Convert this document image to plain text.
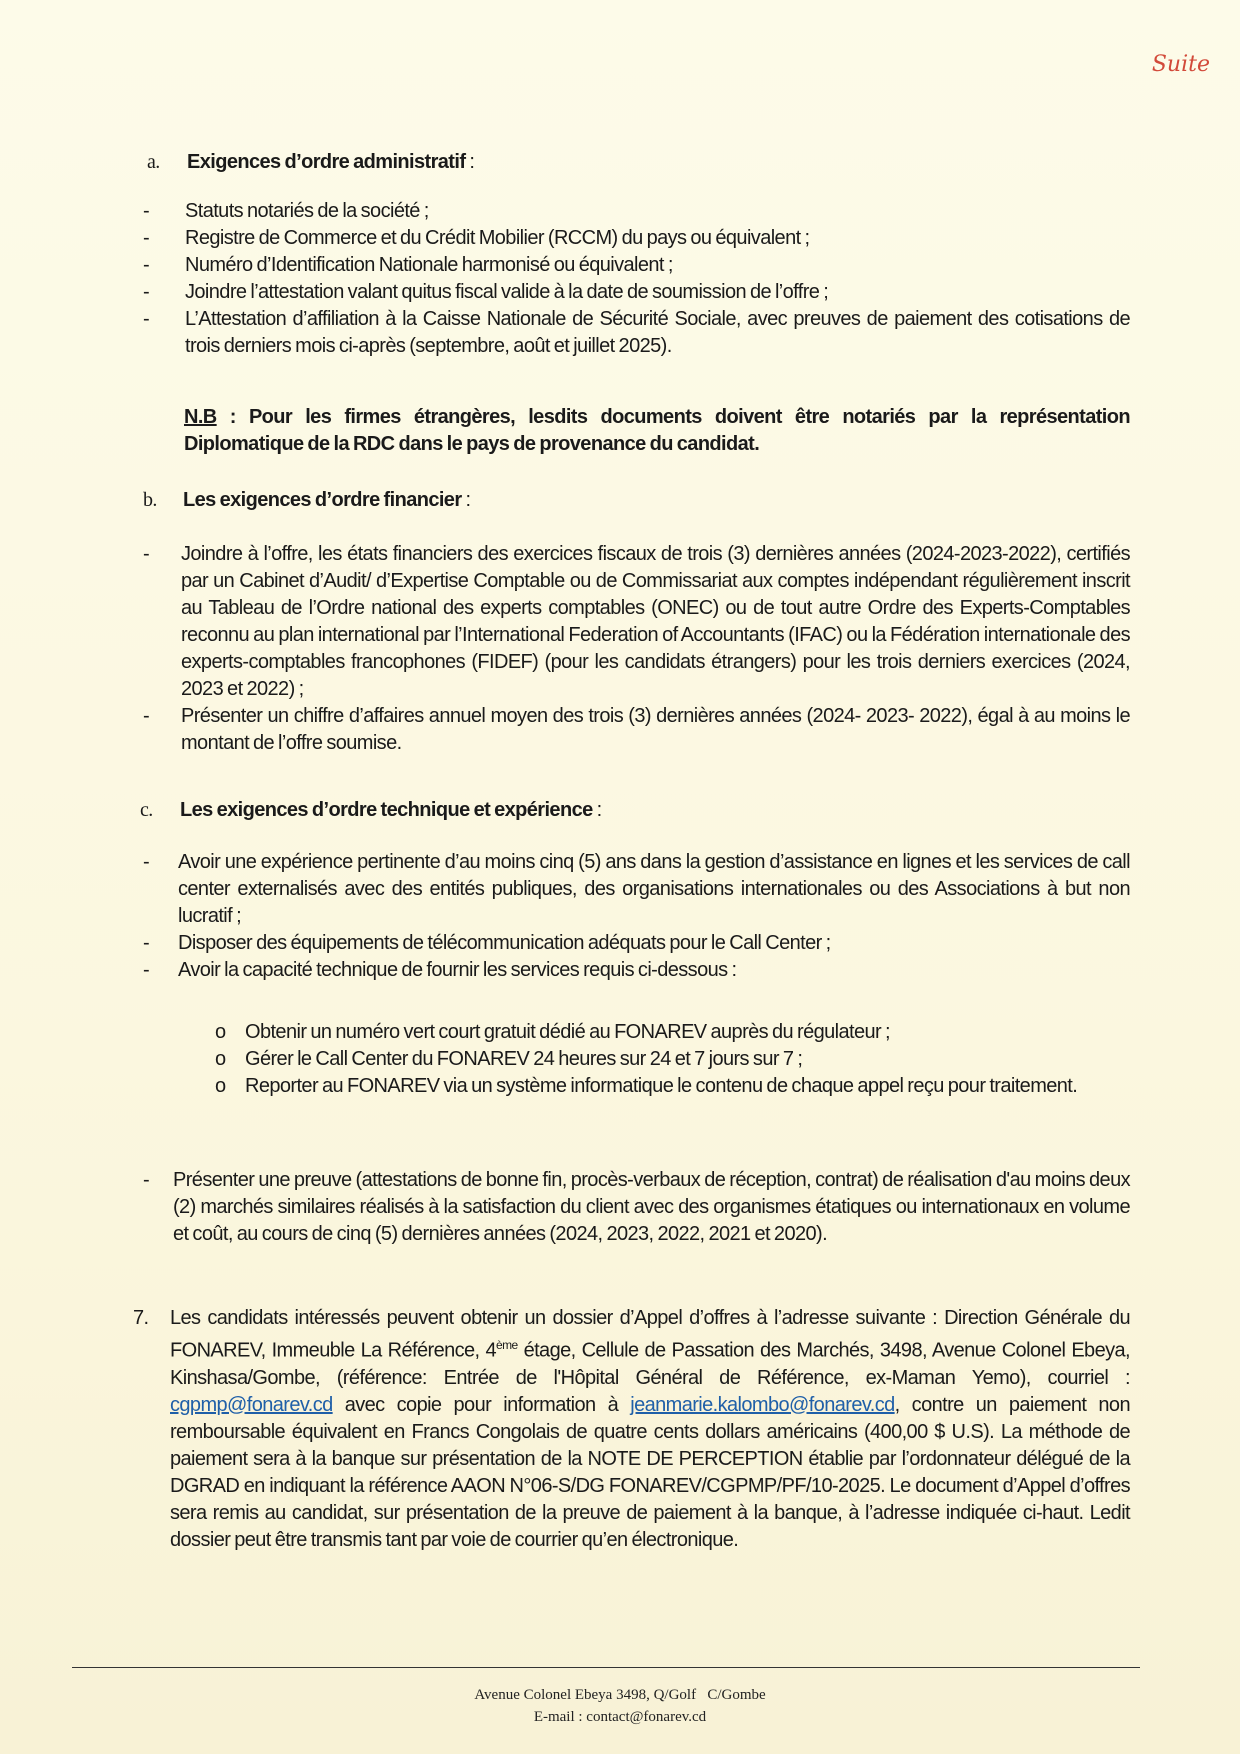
Suite
a. Exigences d’ordre administratif :
- Statuts notariés de la société ;
- Registre de Commerce et du Crédit Mobilier (RCCM) du pays ou équivalent ;
- Numéro d’Identification Nationale harmonisé ou équivalent ;
- Joindre l’attestation valant quitus fiscal valide à la date de soumission de l’offre ;
- L’Attestation d’affiliation à la Caisse Nationale de Sécurité Sociale, avec preuves de paiement des cotisations de trois derniers mois ci-après (septembre, août et juillet 2025).
N.B : Pour les firmes étrangères, lesdits documents doivent être notariés par la représentation Diplomatique de la RDC dans le pays de provenance du candidat.
b. Les exigences d’ordre financier :
- Joindre à l’offre, les états financiers des exercices fiscaux de trois (3) dernières années (2024-2023-2022), certifiés par un Cabinet d’Audit/ d’Expertise Comptable ou de Commissariat aux comptes indépendant régulièrement inscrit au Tableau de l’Ordre national des experts comptables (ONEC) ou de tout autre Ordre des Experts-Comptables reconnu au plan international par l’International Federation of Accountants (IFAC) ou la Fédération internationale des experts-comptables francophones (FIDEF) (pour les candidats étrangers) pour les trois derniers exercices (2024, 2023 et 2022) ;
- Présenter un chiffre d’affaires annuel moyen des trois (3) dernières années (2024- 2023- 2022), égal à au moins le montant de l’offre soumise.
c. Les exigences d’ordre technique et expérience :
- Avoir une expérience pertinente d’au moins cinq (5) ans dans la gestion d’assistance en lignes et les services de call center externalisés avec des entités publiques, des organisations internationales ou des Associations à but non lucratif ;
- Disposer des équipements de télécommunication adéquats pour le Call Center ;
- Avoir la capacité technique de fournir les services requis ci-dessous :
o Obtenir un numéro vert court gratuit dédié au FONAREV auprès du régulateur ;
o Gérer le Call Center du FONAREV 24 heures sur 24 et 7 jours sur 7 ;
o Reporter au FONAREV via un système informatique le contenu de chaque appel reçu pour traitement.
- Présenter une preuve (attestations de bonne fin, procès-verbaux de réception, contrat) de réalisation d'au moins deux (2) marchés similaires réalisés à la satisfaction du client avec des organismes étatiques ou internationaux en volume et coût, au cours de cinq (5) dernières années (2024, 2023, 2022, 2021 et 2020).
7. Les candidats intéressés peuvent obtenir un dossier d’Appel d’offres à l’adresse suivante : Direction Générale du FONAREV, Immeuble La Référence, 4ème étage, Cellule de Passation des Marchés, 3498, Avenue Colonel Ebeya, Kinshasa/Gombe, (référence: Entrée de l'Hôpital Général de Référence, ex-Maman Yemo), courriel : cgpmp@fonarev.cd avec copie pour information à jeanmarie.kalombo@fonarev.cd, contre un paiement non remboursable équivalent en Francs Congolais de quatre cents dollars américains (400,00 $ U.S). La méthode de paiement sera à la banque sur présentation de la NOTE DE PERCEPTION établie par l’ordonnateur délégué de la DGRAD en indiquant la référence AAON N°06-S/DG FONAREV/CGPMP/PF/10-2025. Le document d’Appel d’offres sera remis au candidat, sur présentation de la preuve de paiement à la banque, à l’adresse indiquée ci-haut. Ledit dossier peut être transmis tant par voie de courrier qu’en électronique.
Avenue Colonel Ebeya 3498, Q/Golf   C/Gombe
E-mail : contact@fonarev.cd
